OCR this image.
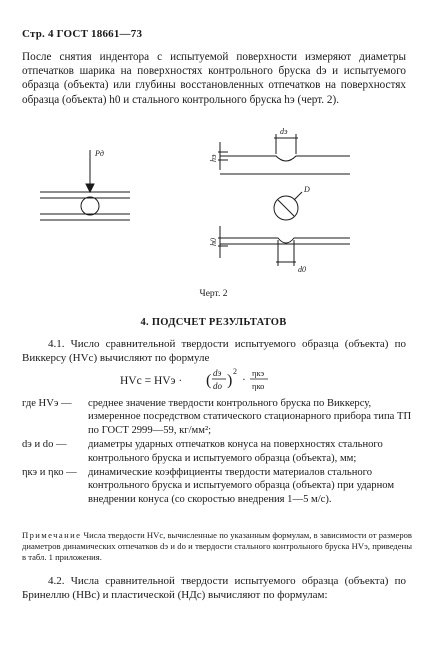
Стр. 4 ГОСТ 18661—73
После снятия индентора с испытуемой поверхности измеряют диаметры отпечатков шарика на поверхностях контрольного бруска dэ и испытуемого образца (объекта) или глубины восстановленных отпечатков на поверхностях образца (объекта) h0 и стального контрольного бруска hэ (черт. 2).
Pд
dэ
hэ
D
h0
d0
Черт. 2
4. ПОДСЧЕТ РЕЗУЛЬТАТОВ
4.1. Число сравнительной твердости испытуемого образца (объекта) по Виккерсу (HVс) вычисляют по формуле
HVс = HVэ · ( dэ
dо )
2
·
ηкэ
ηко
где HVэ —	среднее значение твердости контрольного бруска по Виккерсу, измеренное посредством статического стационарного прибора типа ТП по ГОСТ 2999—59, кг/мм²;
dэ и dо —	диаметры ударных отпечатков конуса на поверхностях стального контрольного бруска и испытуемого образца (объекта), мм;
ηкэ и ηко —	динамические коэффициенты твердости материалов стального контрольного бруска и испытуемого образца (объекта) при ударном внедрении конуса (со скоростью внедрения 1—5 м/с).
Примечание Числа твердости HVс, вычисленные по указанным формулам, в зависимости от размеров диаметров динамических отпечатков dэ и dо и твердости стального контрольного бруска HVэ, приведены в табл. 1 приложения.
4.2. Числа сравнительной твердости испытуемого образца (объекта) по Бринеллю (HBс) и пластической (НДс) вычисляют по формулам:
